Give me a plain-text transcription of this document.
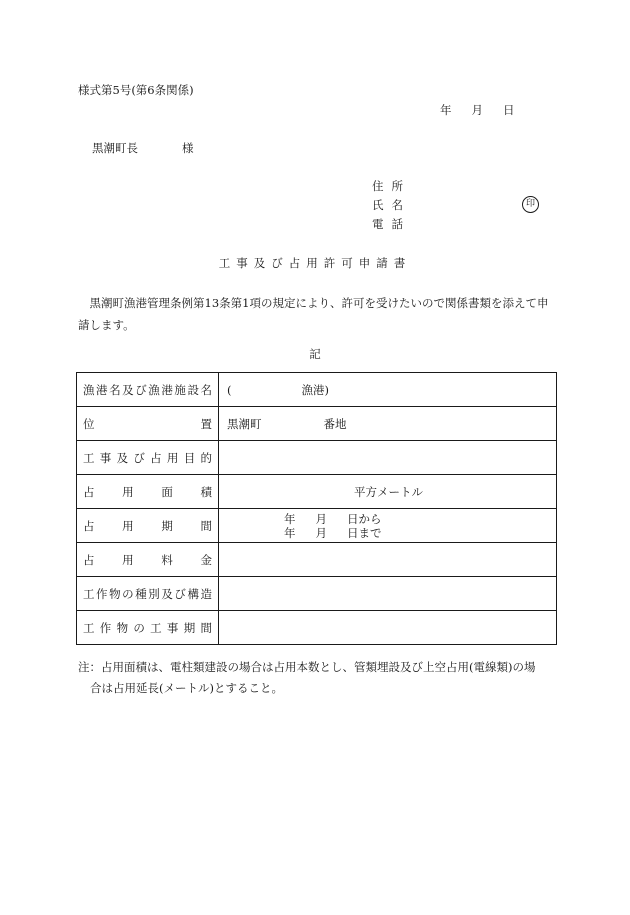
様式第5号(第6条関係)
年 月 日
黒潮町長	様
住所
氏名	印
電話
工事及び占用許可申請書
黒潮町漁港管理条例第13条第1項の規定により、許可を受けたいので関係書類を添えて申請します。
記
漁港名及び漁港施設名	( 漁港)
位置	黒潮町 番地
工事及び占用目的	
占用面積	平方メートル

占用期間	年 月 日から
年 月 日まで

占用料金	
工作物の種別及び構造	
工作物の工事期間	
注：占用面積は、電柱類建設の場合は占用本数とし、管類埋設及び上空占用(電線類)の場
合は占用延長(メートル)とすること。
